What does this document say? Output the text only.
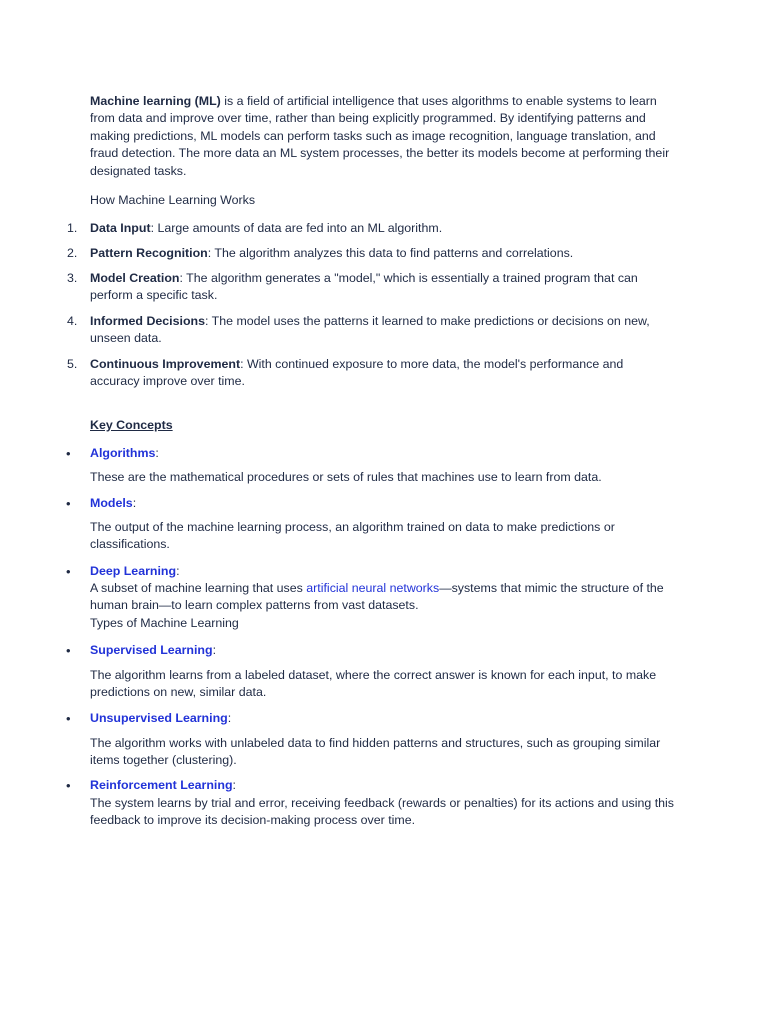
Machine learning (ML) is a field of artificial intelligence that uses algorithms to enable systems to learn from data and improve over time, rather than being explicitly programmed. By identifying patterns and making predictions, ML models can perform tasks such as image recognition, language translation, and fraud detection. The more data an ML system processes, the better its models become at performing their designated tasks.

How Machine Learning Works

1. Data Input: Large amounts of data are fed into an ML algorithm.

2. Pattern Recognition: The algorithm analyzes this data to find patterns and correlations.

3. Model Creation: The algorithm generates a "model," which is essentially a trained program that can perform a specific task.

4. Informed Decisions: The model uses the patterns it learned to make predictions or decisions on new, unseen data.

5. Continuous Improvement: With continued exposure to more data, the model's performance and accuracy improve over time.

Key Concepts

• Algorithms:

These are the mathematical procedures or sets of rules that machines use to learn from data.

• Models:

The output of the machine learning process, an algorithm trained on data to make predictions or classifications.

• Deep Learning:

A subset of machine learning that uses artificial neural networks—systems that mimic the structure of the human brain—to learn complex patterns from vast datasets.

Types of Machine Learning

• Supervised Learning:

The algorithm learns from a labeled dataset, where the correct answer is known for each input, to make predictions on new, similar data.

• Unsupervised Learning:

The algorithm works with unlabeled data to find hidden patterns and structures, such as grouping similar items together (clustering).

• Reinforcement Learning:

The system learns by trial and error, receiving feedback (rewards or penalties) for its actions and using this feedback to improve its decision-making process over time.
